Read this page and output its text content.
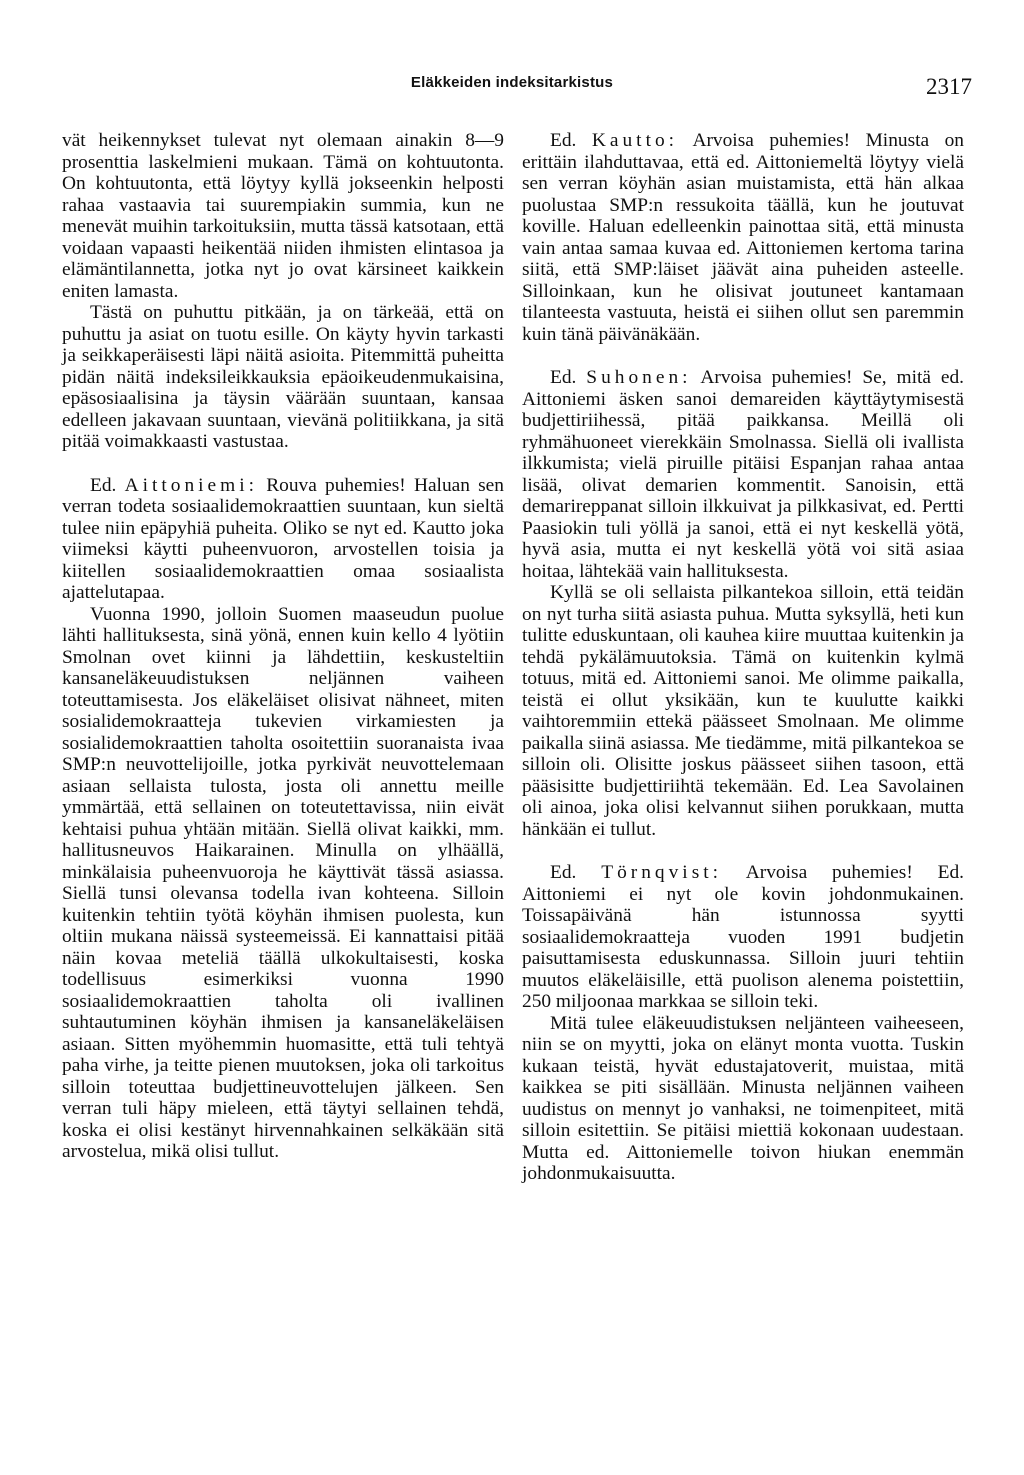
Eläkkeiden indeksitarkistus	2317

vät heikennykset tulevat nyt olemaan ainakin 8—9 prosenttia laskelmieni mukaan. Tämä on kohtuutonta. On kohtuutonta, että löytyy kyllä jokseenkin helposti rahaa vastaavia tai suurempiakin summia, kun ne menevät muihin tarkoituksiin, mutta tässä katsotaan, että voidaan vapaasti heikentää niiden ihmisten elintasoa ja elämäntilannetta, jotka nyt jo ovat kärsineet kaikkein eniten lamasta.

Tästä on puhuttu pitkään, ja on tärkeää, että on puhuttu ja asiat on tuotu esille. On käyty hyvin tarkasti ja seikkaperäisesti läpi näitä asioita. Pitemmittä puheitta pidän näitä indeksileikkauksia epäoikeudenmukaisina, epäsosiaalisina ja täysin väärään suuntaan, kansaa edelleen jakavaan suuntaan, vievänä politiikkana, ja sitä pitää voimakkaasti vastustaa.

Ed. Aittoniemi: Rouva puhemies! Haluan sen verran todeta sosiaalidemokraattien suuntaan, kun sieltä tulee niin epäpyhiä puheita. Oliko se nyt ed. Kautto joka viimeksi käytti puheenvuoron, arvostellen toisia ja kiitellen sosiaalidemokraattien omaa sosiaalista ajattelutapaa.

Vuonna 1990, jolloin Suomen maaseudun puolue lähti hallituksesta, sinä yönä, ennen kuin kello 4 lyötiin Smolnan ovet kiinni ja lähdettiin, keskusteltiin kansaneläkeuudistuksen neljännen vaiheen toteuttamisesta. Jos eläkeläiset olisivat nähneet, miten sosialidemokraatteja tukevien virkamiesten ja sosialidemokraattien taholta osoitettiin suoranaista ivaa SMP:n neuvottelijoille, jotka pyrkivät neuvottelemaan asiaan sellaista tulosta, josta oli annettu meille ymmärtää, että sellainen on toteutettavissa, niin eivät kehtaisi puhua yhtään mitään. Siellä olivat kaikki, mm. hallitusneuvos Haikarainen. Minulla on ylhäällä, minkälaisia puheenvuoroja he käyttivät tässä asiassa. Siellä tunsi olevansa todella ivan kohteena. Silloin kuitenkin tehtiin työtä köyhän ihmisen puolesta, kun oltiin mukana näissä systeemeissä. Ei kannattaisi pitää näin kovaa meteliä täällä ulkokultaisesti, koska todellisuus esimerkiksi vuonna 1990 sosiaalidemokraattien taholta oli ivallinen suhtautuminen köyhän ihmisen ja kansaneläkeläisen asiaan. Sitten myöhemmin huomasitte, että tuli tehtyä paha virhe, ja teitte pienen muutoksen, joka oli tarkoitus silloin toteuttaa budjettineuvottelujen jälkeen. Sen verran tuli häpy mieleen, että täytyi sellainen tehdä, koska ei olisi kestänyt hirvennahkainen selkäkään sitä arvostelua, mikä olisi tullut.

Ed. Kautto: Arvoisa puhemies! Minusta on erittäin ilahduttavaa, että ed. Aittoniemeltä löytyy vielä sen verran köyhän asian muistamista, että hän alkaa puolustaa SMP:n ressukoita täällä, kun he joutuvat koville. Haluan edelleenkin painottaa sitä, että minusta vain antaa samaa kuvaa ed. Aittoniemen kertoma tarina siitä, että SMP:läiset jäävät aina puheiden asteelle. Silloinkaan, kun he olisivat joutuneet kantamaan tilanteesta vastuuta, heistä ei siihen ollut sen paremmin kuin tänä päivänäkään.

Ed. Suhonen: Arvoisa puhemies! Se, mitä ed. Aittoniemi äsken sanoi demareiden käyttäytymisestä budjettiriihessä, pitää paikkansa. Meillä oli ryhmähuoneet vierekkäin Smolnassa. Siellä oli ivallista ilkkumista; vielä piruille pitäisi Espanjan rahaa antaa lisää, olivat demarien kommentit. Sanoisin, että demarireppanat silloin ilkkuivat ja pilkkasivat, ed. Pertti Paasiokin tuli yöllä ja sanoi, että ei nyt keskellä yötä, hyvä asia, mutta ei nyt keskellä yötä voi sitä asiaa hoitaa, lähtekää vain hallituksesta.

Kyllä se oli sellaista pilkantekoa silloin, että teidän on nyt turha siitä asiasta puhua. Mutta syksyllä, heti kun tulitte eduskuntaan, oli kauhea kiire muuttaa kuitenkin ja tehdä pykälämuutoksia. Tämä on kuitenkin kylmä totuus, mitä ed. Aittoniemi sanoi. Me olimme paikalla, teistä ei ollut yksikään, kun te kuulutte kaikki vaihtoremmiin ettekä päässeet Smolnaan. Me olimme paikalla siinä asiassa. Me tiedämme, mitä pilkantekoa se silloin oli. Olisitte joskus päässeet siihen tasoon, että pääsisitte budjettiriihtä tekemään. Ed. Lea Savolainen oli ainoa, joka olisi kelvannut siihen porukkaan, mutta hänkään ei tullut.

Ed. Törnqvist: Arvoisa puhemies! Ed. Aittoniemi ei nyt ole kovin johdonmukainen. Toissapäivänä hän istunnossa syytti sosiaalidemokraatteja vuoden 1991 budjetin paisuttamisesta eduskunnassa. Silloin juuri tehtiin muutos eläkeläisille, että puolison alenema poistettiin, 250 miljoonaa markkaa se silloin teki.

Mitä tulee eläkeuudistuksen neljänteen vaiheeseen, niin se on myytti, joka on elänyt monta vuotta. Tuskin kukaan teistä, hyvät edustajatoverit, muistaa, mitä kaikkea se piti sisällään. Minusta neljännen vaiheen uudistus on mennyt jo vanhaksi, ne toimenpiteet, mitä silloin esitettiin. Se pitäisi miettiä kokonaan uudestaan. Mutta ed. Aittoniemelle toivon hiukan enemmän johdonmukaisuutta.
